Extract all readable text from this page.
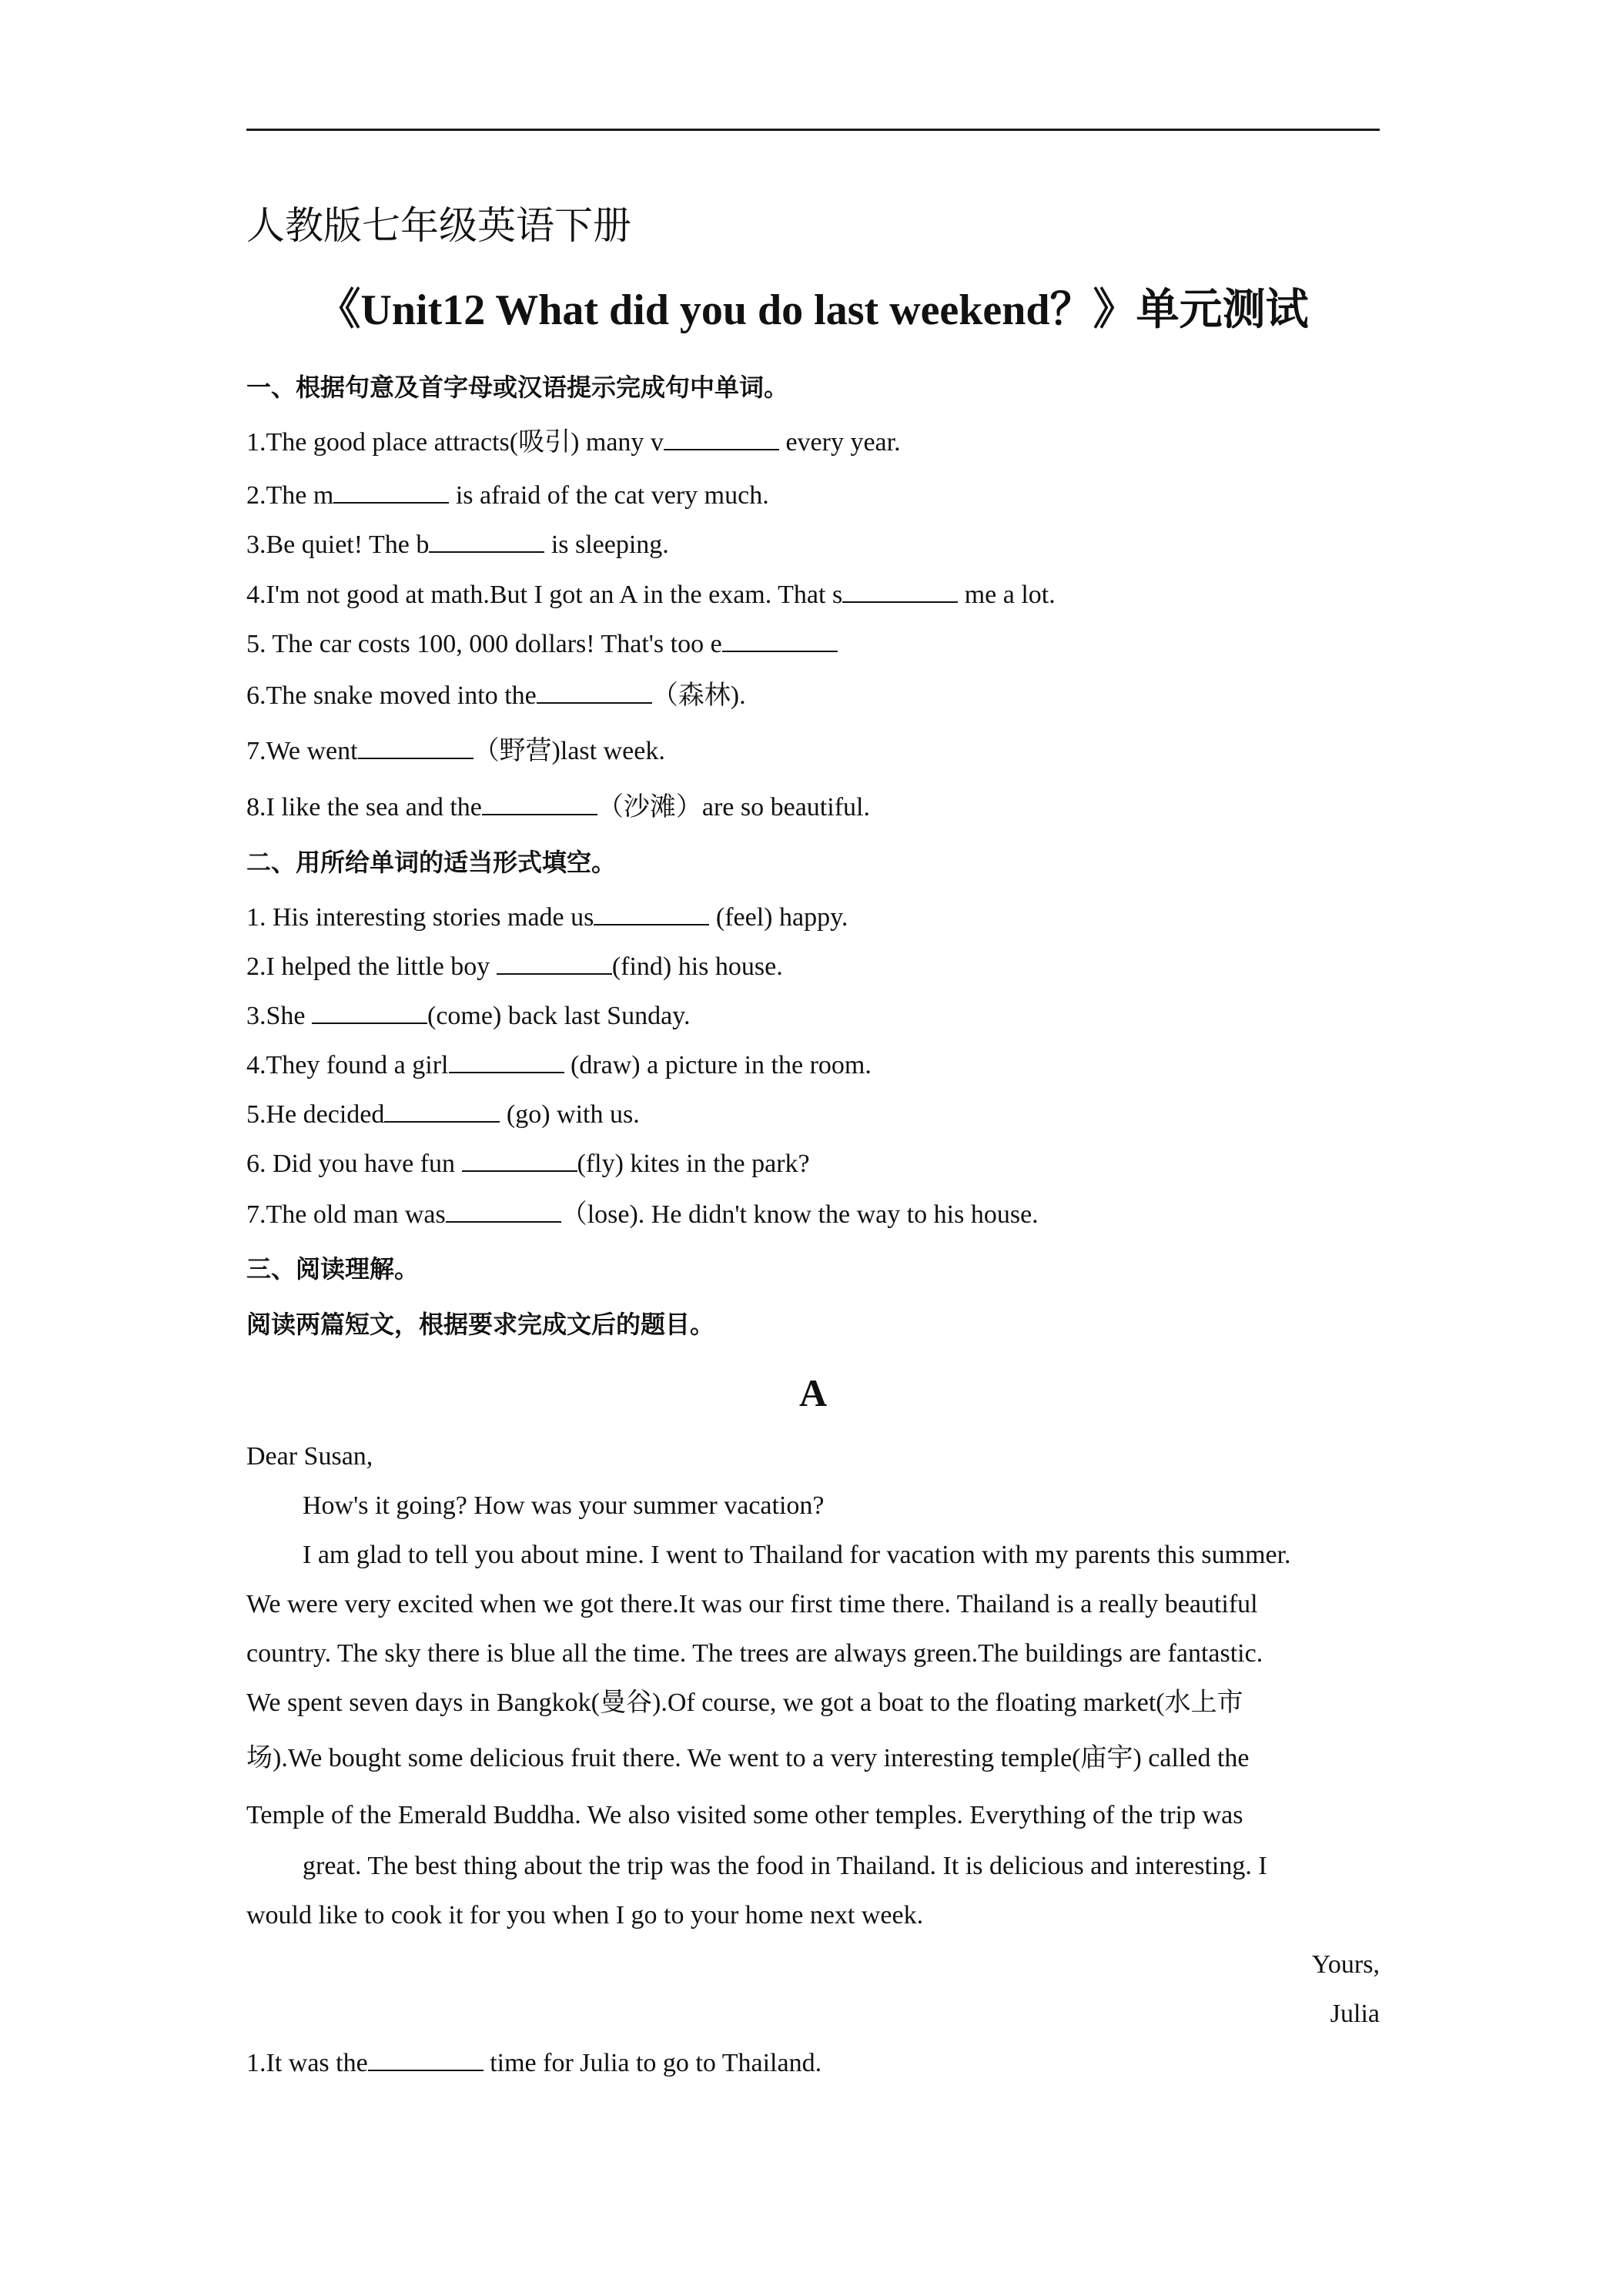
人教版七年级英语下册
《Unit12 What did you do last weekend？》单元测试
一、根据句意及首字母或汉语提示完成句中单词。
1.The good place attracts(吸引) many v	every year.
2.The m	is afraid of the cat very much.
3.Be quiet! The b	is sleeping.
4.I'm not good at math.But I got an A in the exam. That s	me a lot.
5. The car costs 100, 000 dollars! That's too e
6.The snake moved into the	（森林).
7.We went	（野营)last week.
8.I like the sea and the	（沙滩）are so beautiful.
二、用所给单词的适当形式填空。
1. His interesting stories made us	(feel) happy.
2.I helped the little boy	(find) his house.
3.She	(come) back last Sunday.
4.They found a girl	(draw) a picture in the room.
5.He decided	(go) with us.
6. Did you have fun	(fly) kites in the park?
7.The old man was	（lose). He didn't know the way to his house.
三、阅读理解。
阅读两篇短文，根据要求完成文后的题目。
A
Dear Susan,
How's it going? How was your summer vacation?
I am glad to tell you about mine. I went to Thailand for vacation with my parents this summer.
We were very excited when we got there.It was our first time there. Thailand is a really beautiful
country. The sky there is blue all the time. The trees are always green.The buildings are fantastic.
We spent seven days in Bangkok(曼谷).Of course, we got a boat to the floating market(水上市
场).We bought some delicious fruit there. We went to a very interesting temple(庙宇) called the
Temple of the Emerald Buddha. We also visited some other temples. Everything of the trip was
great. The best thing about the trip was the food in Thailand. It is delicious and interesting. I
would like to cook it for you when I go to your home next week.
Yours,
Julia
1.It was the	time for Julia to go to Thailand.
